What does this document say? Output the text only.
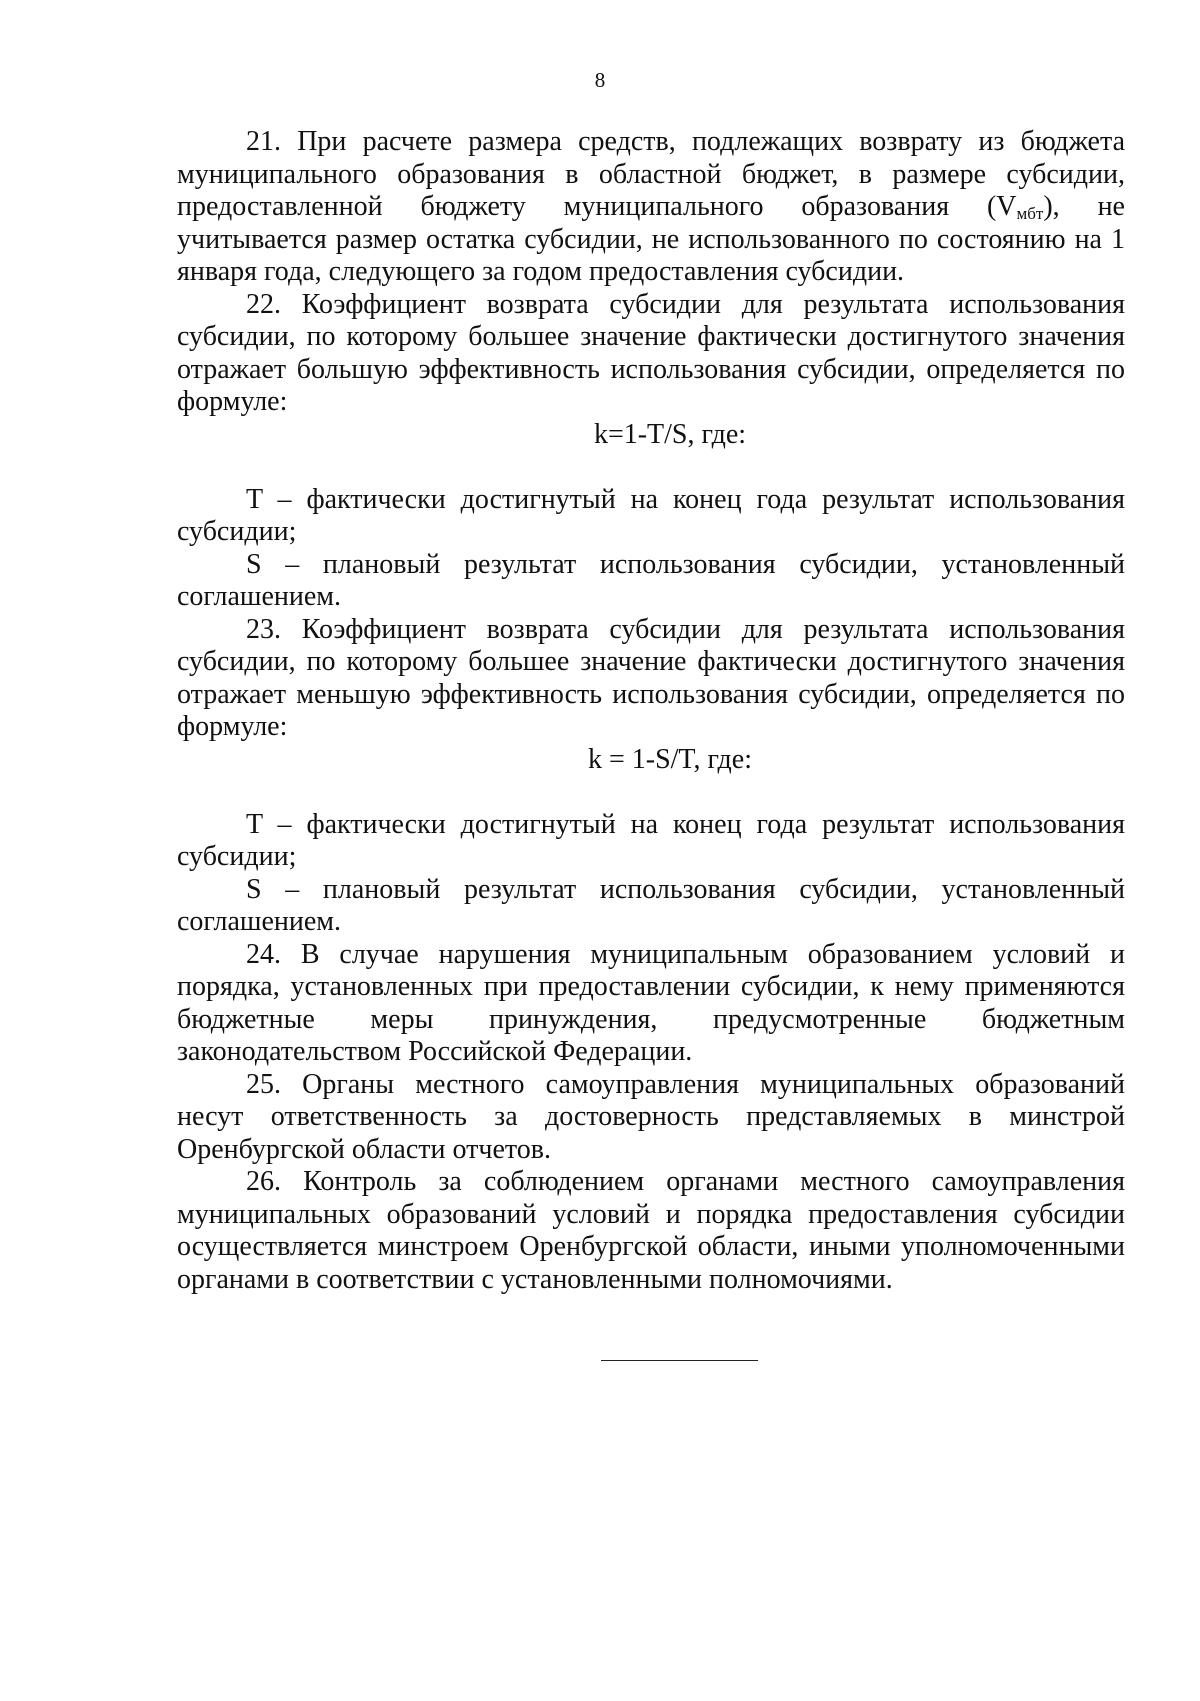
8

21. При расчете размера средств, подлежащих возврату из бюджета муниципального образования в областной бюджет, в размере субсидии, предоставленной бюджету муниципального образования $(V_{мбт})$, не учитывается размер остатка субсидии, не использованного по состоянию на 1 января года, следующего за годом предоставления субсидии.

22. Коэффициент возврата субсидии для результата использования субсидии, по которому большее значение фактически достигнутого значения отражает большую эффективность использования субсидии, определяется по формуле:

k=1-T/S, где:

T – фактически достигнутый на конец года результат использования субсидии;

S – плановый результат использования субсидии, установленный соглашением.

23. Коэффициент возврата субсидии для результата использования субсидии, по которому большее значение фактически достигнутого значения отражает меньшую эффективность использования субсидии, определяется по формуле:

k = 1-S/T, где:

T – фактически достигнутый на конец года результат использования субсидии;

S – плановый результат использования субсидии, установленный соглашением.

24. В случае нарушения муниципальным образованием условий и порядка, установленных при предоставлении субсидии, к нему применяются бюджетные меры принуждения, предусмотренные бюджетным законодательством Российской Федерации.

25. Органы местного самоуправления муниципальных образований несут ответственность за достоверность представляемых в минстрой Оренбургской области отчетов.

26. Контроль за соблюдением органами местного самоуправления муниципальных образований условий и порядка предоставления субсидии осуществляется минстроем Оренбургской области, иными уполномоченными органами в соответствии с установленными полномочиями.
